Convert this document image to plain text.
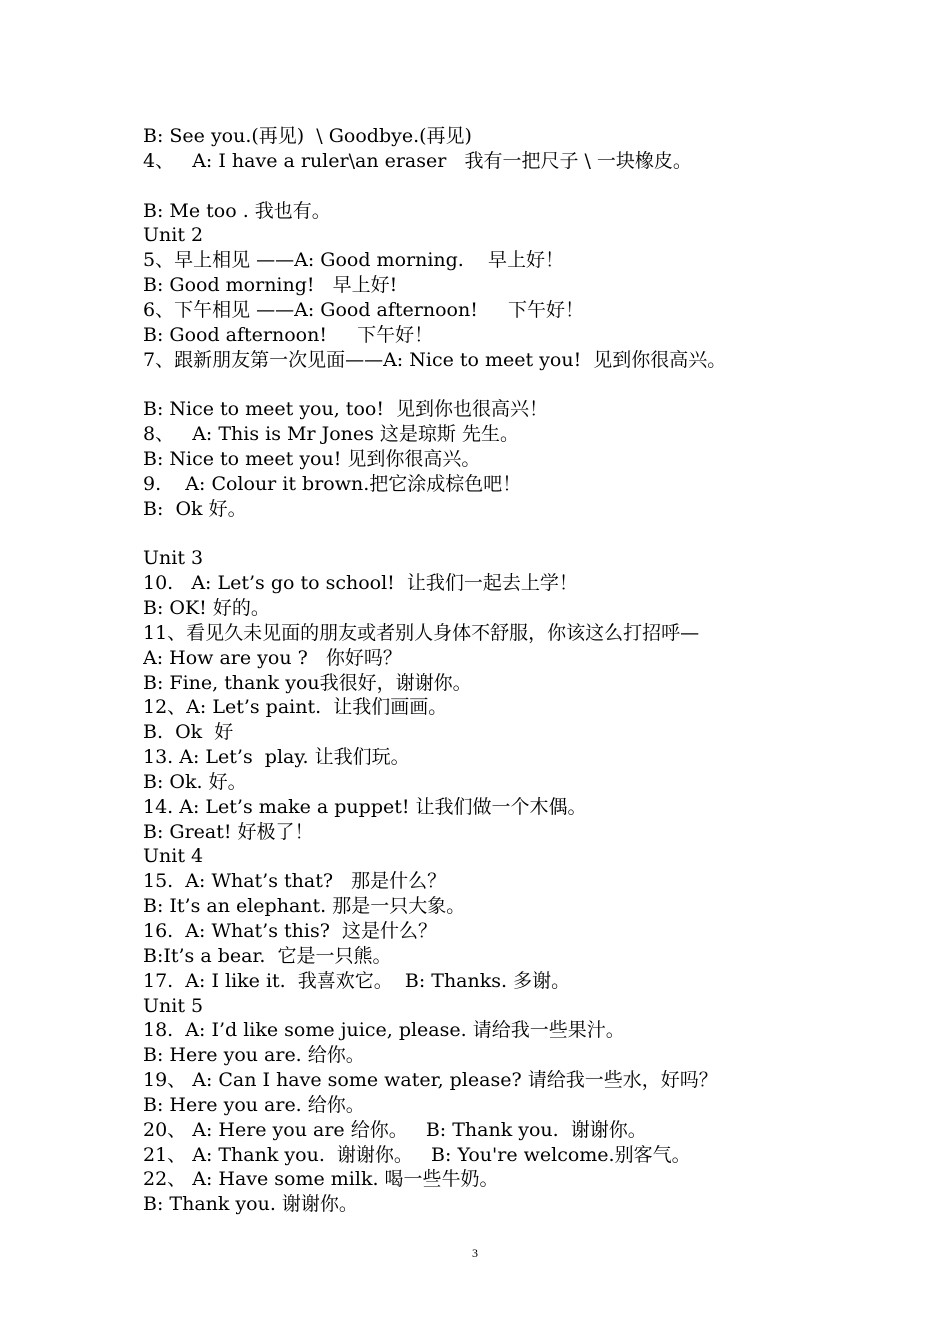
B: See you.(再见)  \ Goodbye.(再见)
4、   A: I have a ruler\an eraser   我有一把尺子 \ 一块橡皮。
B: Me too . 我也有。
Unit 2
5、早上相见 ——A: Good morning.    早上好！
B: Good morning!   早上好!
6、下午相见 ——A: Good afternoon!     下午好！
B: Good afternoon!     下午好！
7、跟新朋友第一次见面——A: Nice to meet you!  见到你很高兴。
B: Nice to meet you, too!  见到你也很高兴！
8、   A: This is Mr Jones 这是琼斯 先生。
B: Nice to meet you! 见到你很高兴。
9.    A: Colour it brown.把它涂成棕色吧！
B:  Ok 好。
Unit 3
10.   A: Let’s go to school!  让我们一起去上学！
B: OK! 好的。
11、看见久未见面的朋友或者别人身体不舒服，你该这么打招呼—
A: How are you ?   你好吗？
B: Fine, thank you我很好，谢谢你。
12、A: Let’s paint.  让我们画画。
B.  Ok  好
13. A: Let’s  play. 让我们玩。
B: Ok. 好。
14. A: Let’s make a puppet! 让我们做一个木偶。
B: Great! 好极了！
Unit 4
15.  A: What’s that?   那是什么？
B: It’s an elephant. 那是一只大象。
16.  A: What’s this?  这是什么？
B:It’s a bear.  它是一只熊。
17.  A: I like it.  我喜欢它。  B: Thanks. 多谢。
Unit 5
18.  A: I’d like some juice, please. 请给我一些果汁。
B: Here you are. 给你。
19、 A: Can I have some water, please? 请给我一些水，好吗？
B: Here you are. 给你。
20、 A: Here you are 给你。   B: Thank you.  谢谢你。
21、 A: Thank you.  谢谢你。   B: You're welcome.别客气。
22、 A: Have some milk. 喝一些牛奶。
B: Thank you. 谢谢你。
3
